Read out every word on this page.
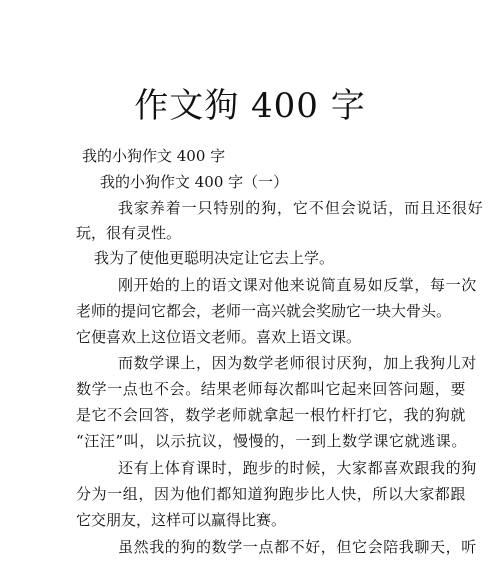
作文狗 400 字
我的小狗作文 400 字
我的小狗作文 400 字（一）
我家养着一只特别的狗，它不但会说话，而且还很好
玩，很有灵性。
我为了使他更聪明决定让它去上学。
刚开始的上的语文课对他来说简直易如反掌，每一次
老师的提问它都会，老师一高兴就会奖励它一块大骨头。
它便喜欢上这位语文老师。喜欢上语文课。
而数学课上，因为数学老师很讨厌狗，加上我狗儿对
数学一点也不会。结果老师每次都叫它起来回答问题，要
是它不会回答，数学老师就拿起一根竹杆打它，我的狗就
“汪汪”叫，以示抗议，慢慢的，一到上数学课它就逃课。
还有上体育课时，跑步的时候，大家都喜欢跟我的狗
分为一组，因为他们都知道狗跑步比人快，所以大家都跟
它交朋友，这样可以赢得比赛。
虽然我的狗的数学一点都不好，但它会陪我聊天，听
